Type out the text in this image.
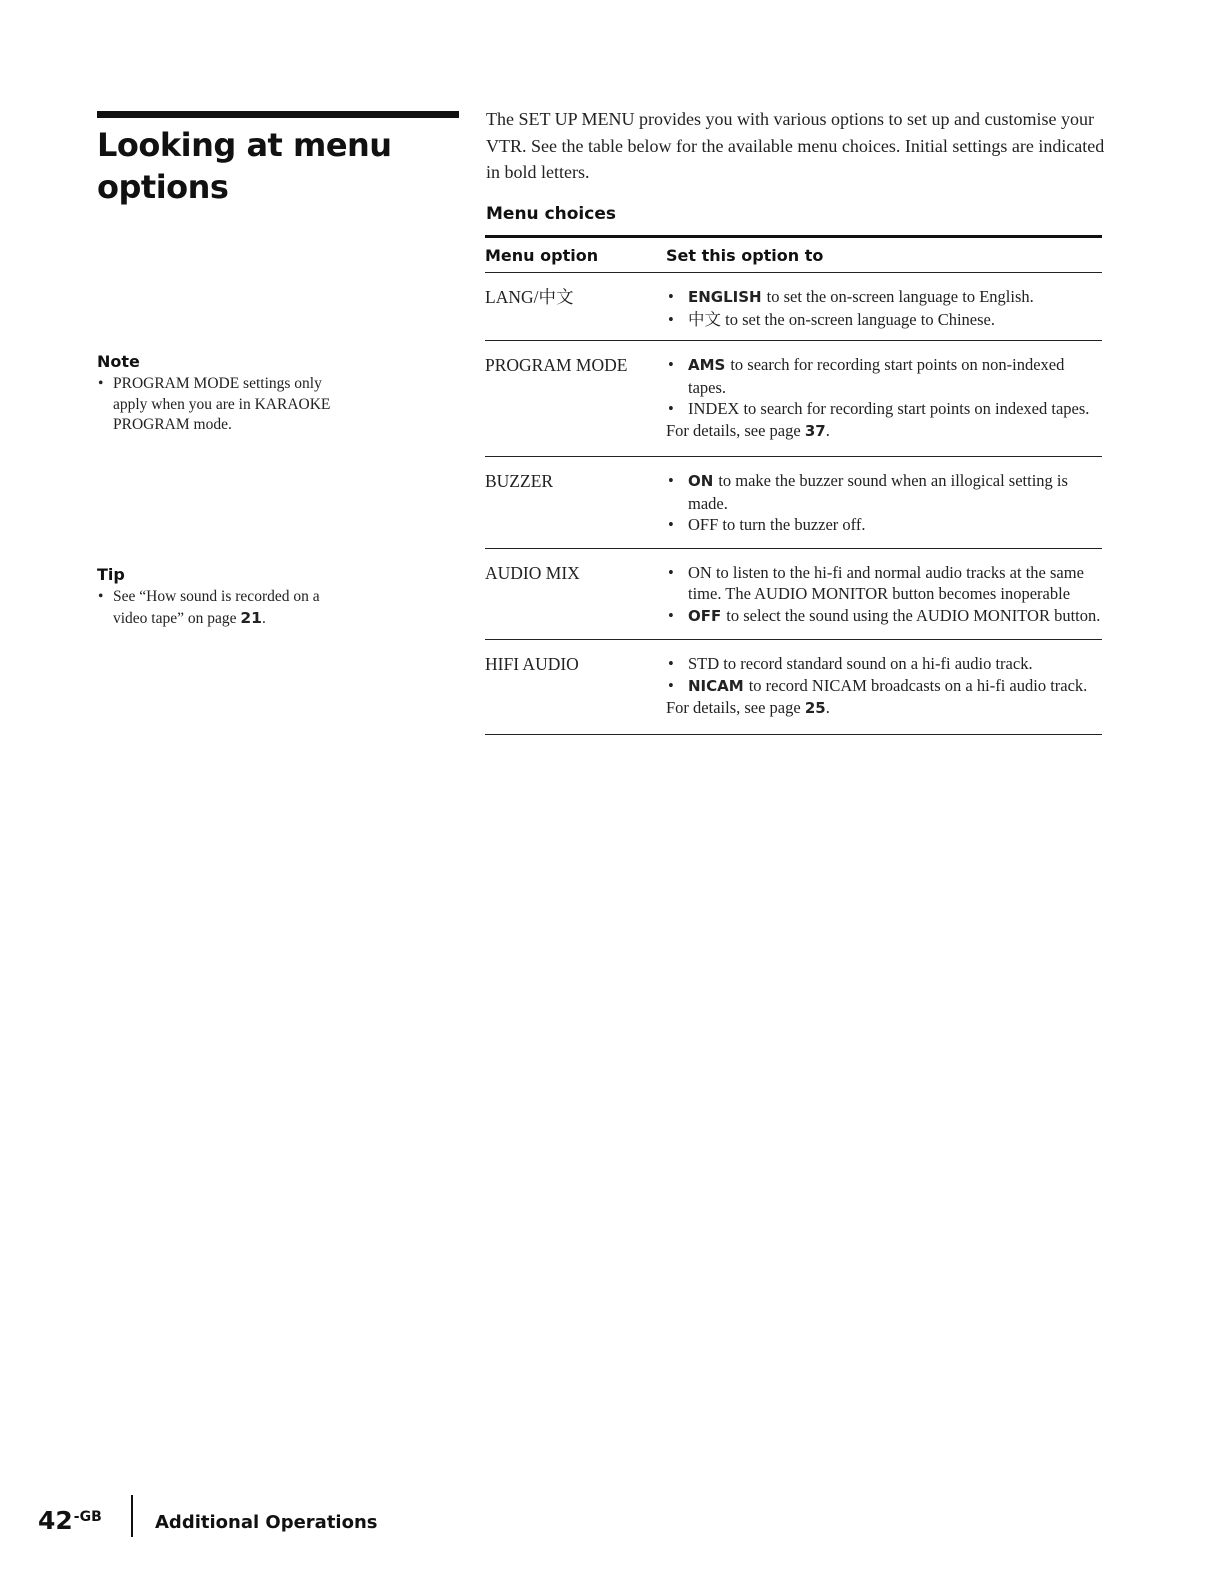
Looking at menu options
Note
• PROGRAM MODE settings only apply when you are in KARAOKE PROGRAM mode.
Tip
• See “How sound is recorded on a video tape” on page 21.

The SET UP MENU provides you with various options to set up and customise your VTR. See the table below for the available menu choices. Initial settings are indicated in bold letters.

Menu choices
Menu option	Set this option to
LANG/中文	• ENGLISH to set the on-screen language to English.
• 中文 to set the on-screen language to Chinese.
PROGRAM MODE	• AMS to search for recording start points on non-indexed tapes.
• INDEX to search for recording start points on indexed tapes.
For details, see page 37.
BUZZER	• ON to make the buzzer sound when an illogical setting is made.
• OFF to turn the buzzer off.
AUDIO MIX	• ON to listen to the hi-fi and normal audio tracks at the same time. The AUDIO MONITOR button becomes inoperable
• OFF to select the sound using the AUDIO MONITOR button.
HIFI AUDIO	• STD to record standard sound on a hi-fi audio track.
• NICAM to record NICAM broadcasts on a hi-fi audio track.
For details, see page 25.
42$^{-GB}$	Additional Operations
